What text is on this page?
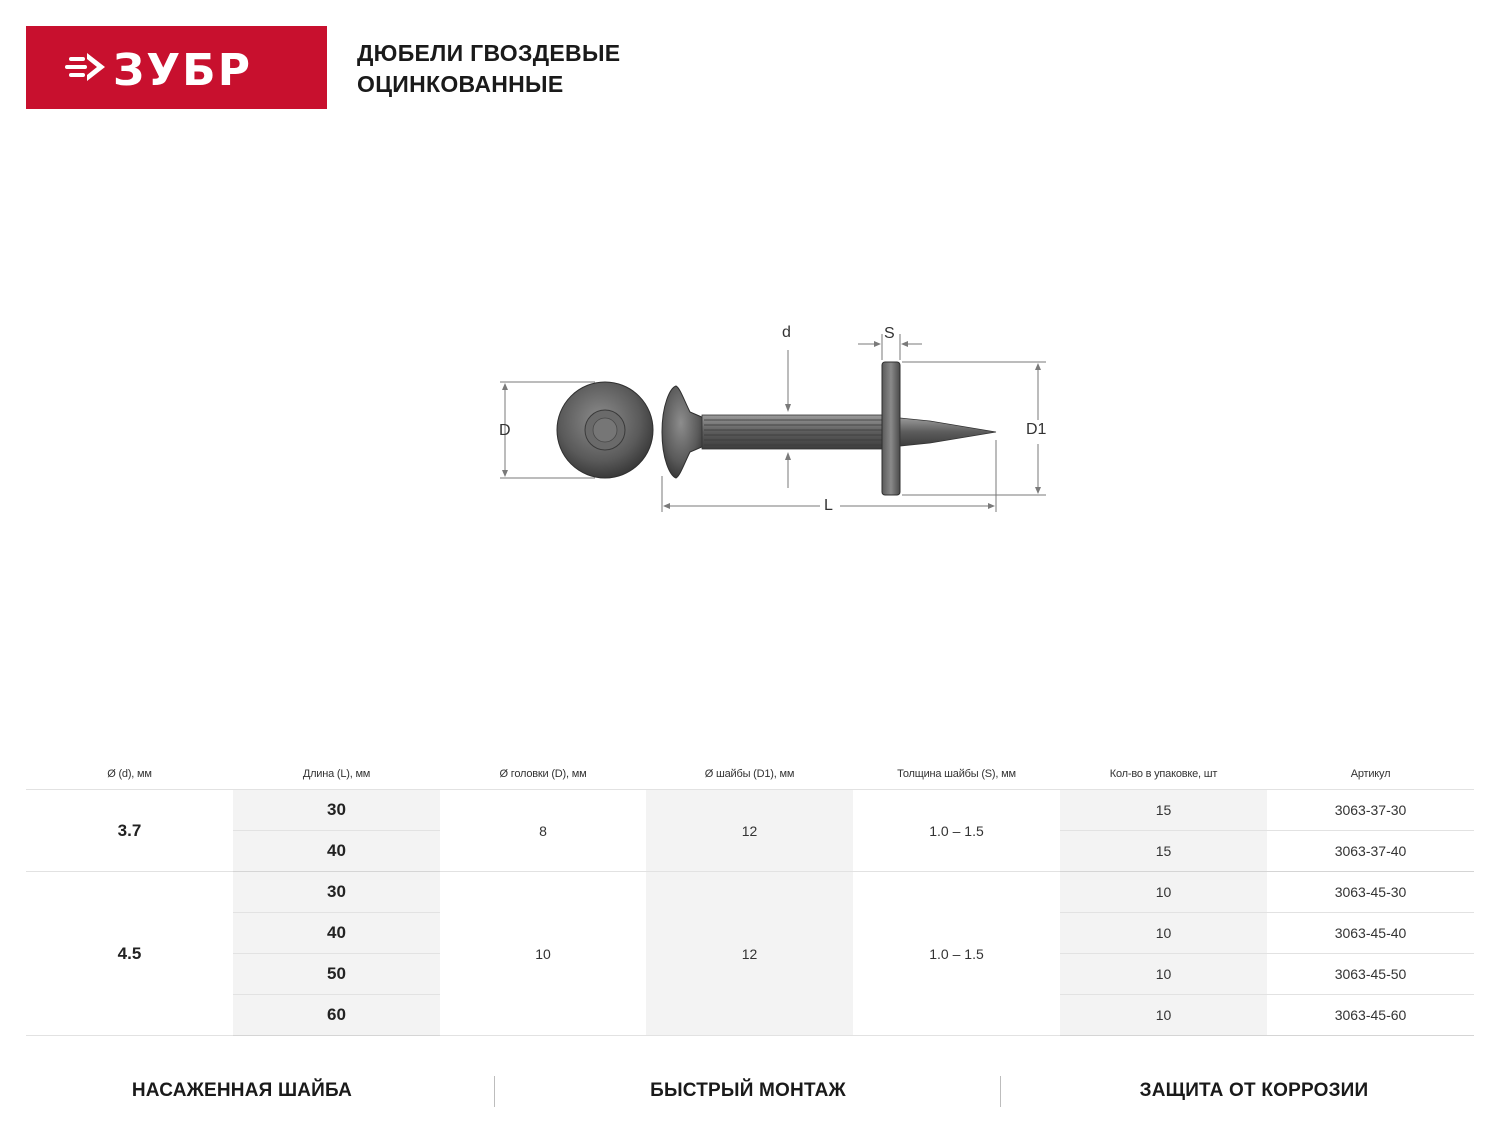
ЗУБР	ДЮБЕЛИ ГВОЗДЕВЫЕ
ОЦИНКОВАННЫЕ
d	S
D	D1
L
Ø (d), мм	Длина (L), мм	Ø головки (D), мм	Ø шайбы (D1), мм	Толщина шайбы (S), мм	Кол-во в упаковке, шт	Артикул
3.7	30	8	12	1.0 – 1.5	15	3063-37-30
	40				15	3063-37-40
4.5	30	10	12	1.0 – 1.5	10	3063-45-30
	40				10	3063-45-40
	50				10	3063-45-50
	60				10	3063-45-60
НАСАЖЕННАЯ ШАЙБА	БЫСТРЫЙ МОНТАЖ	ЗАЩИТА ОТ КОРРОЗИИ
